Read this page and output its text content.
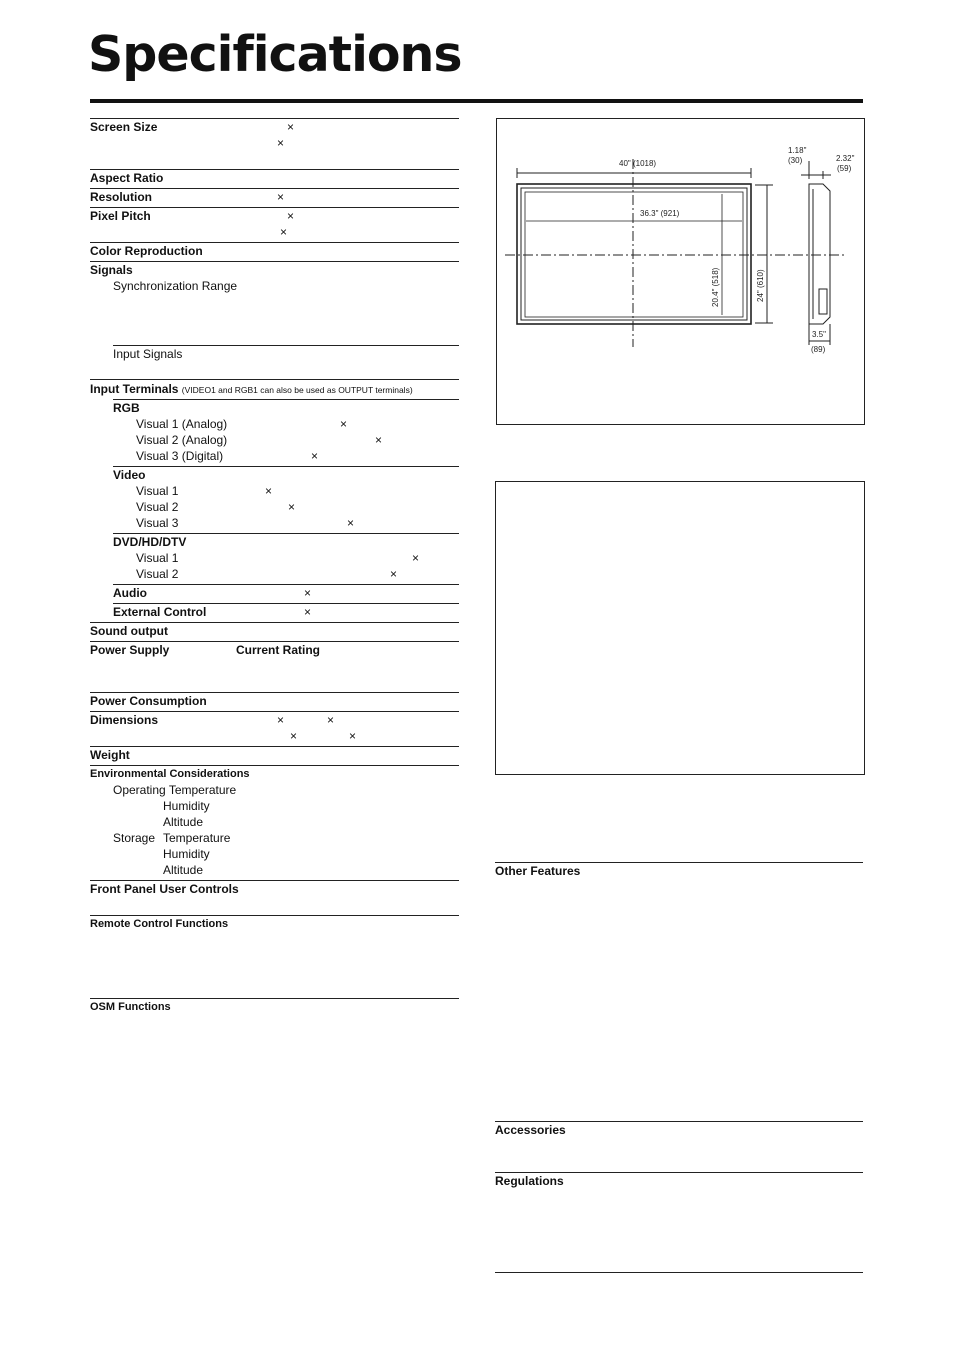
Specifications
Screen Size	×
×
Aspect Ratio
Resolution	×
Pixel Pitch	×
×
Color Reproduction
Signals
Synchronization Range
Input Signals
Input Terminals (VIDEO1 and RGB1 can also be used as OUTPUT terminals)
RGB
Visual 1 (Analog)	×
Visual 2 (Analog)	×
Visual 3 (Digital)	×
Video
Visual 1	×
Visual 2	×
Visual 3	×
DVD/HD/DTV
Visual 1	×
Visual 2	×
Audio	×
External Control	×
Sound output
Power Supply	Current Rating
Power Consumption
Dimensions	×	×
×	×
Weight
Environmental Considerations
Operating Temperature
Humidity
Altitude
Storage Temperature
Humidity
Altitude
Front Panel User Controls
Remote Control Functions
OSM Functions
40" (1018)
36.3" (921)
20.4" (518)	24" (610)
1.18"
(30)	2.32"
(59)
3.5"
(89)
Other Features
Accessories
Regulations
